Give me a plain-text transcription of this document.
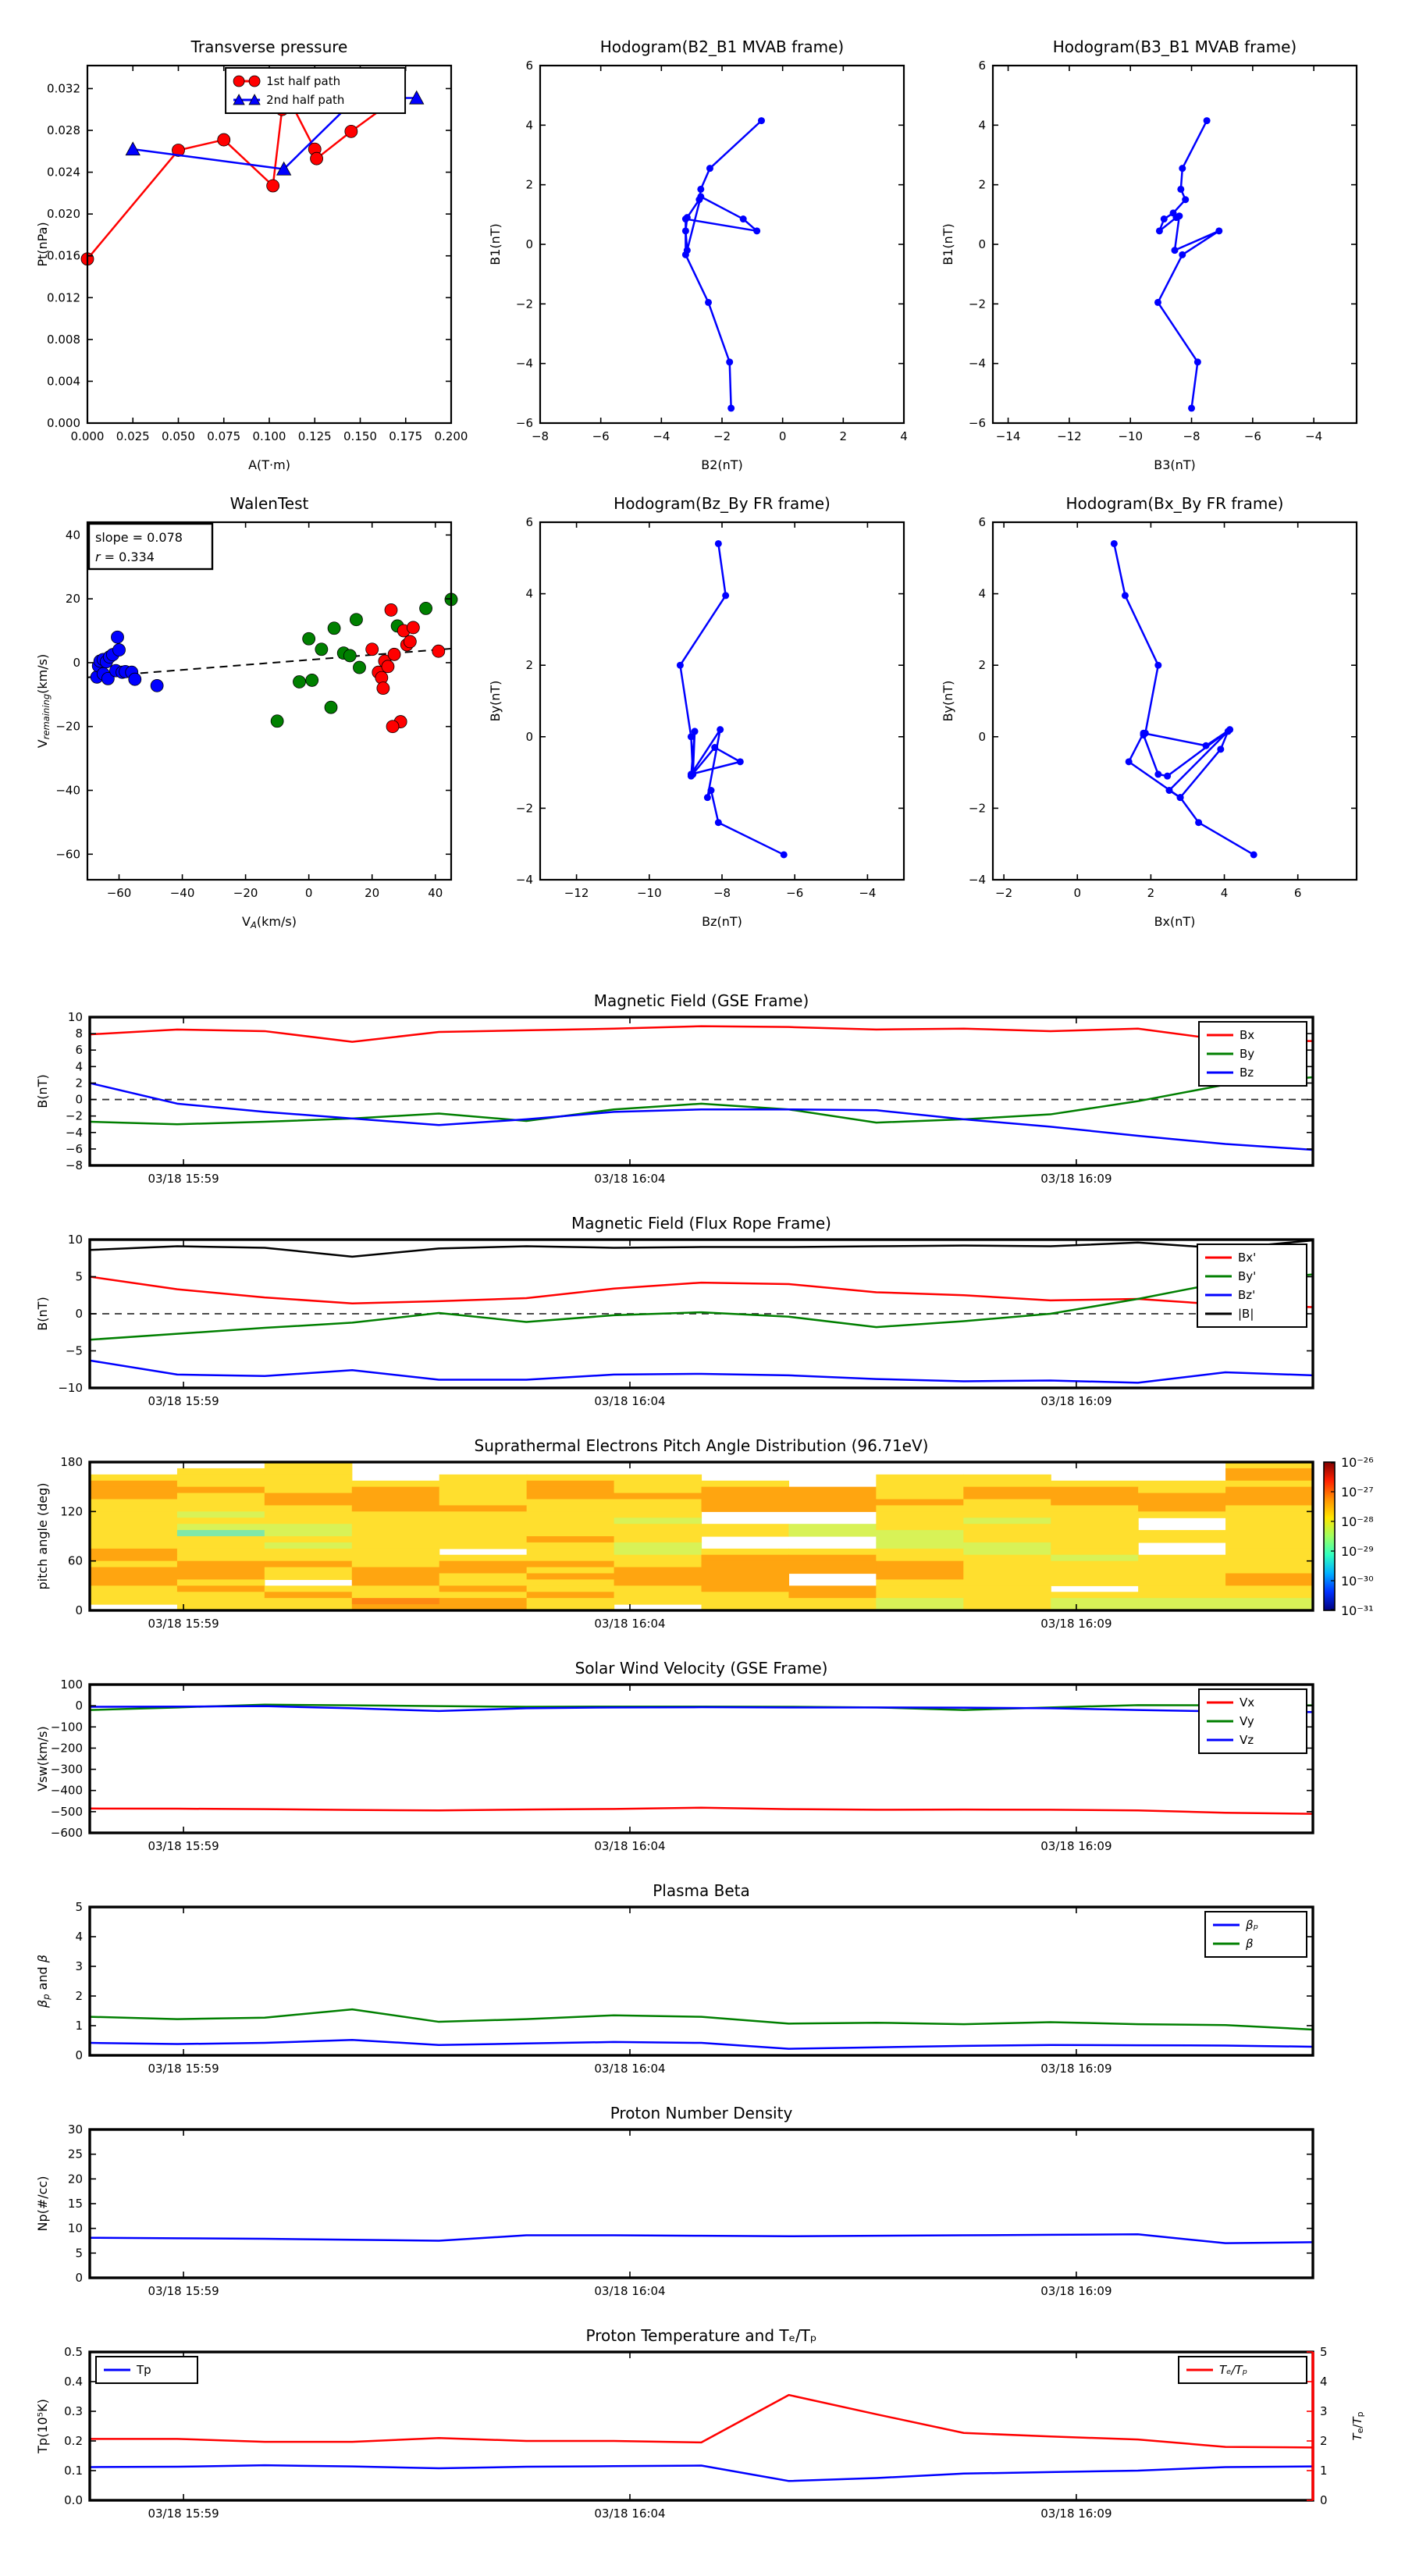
Transverse pressure
0.000 0.025 0.050 0.075 0.100 0.125 0.150 0.175 0.200
0.000
0.004
0.008
0.012
0.016
0.020
0.024
0.028
0.032
A(T·m)
Pt(nPa)
1st half path
2nd half path
Hodogram(B2_B1 MVAB frame)
−8	−6	−4	−2	0	2	4
−6
−4
−2
0
2
4
6
B2(nT)
B1(nT)
Hodogram(B3_B1 MVAB frame)
−14	−12	−10	−8	−6	−4
−6
−4
−2
0
2
4
6
B3(nT)
B1(nT)
WalenTest
−60	−40	−20	0	20	40
−60
−40
−20
0
20
40
VA(km/s)
Vremaining(km/s)
slope = 0.078
r = 0.334
Hodogram(Bz_By FR frame)
−12	−10	−8	−6	−4
−4
−2
0
2
4
6
Bz(nT)
By(nT)
Hodogram(Bx_By FR frame)
−2	0	2	4	6
−4
−2
0
2
4
6
Bx(nT)
By(nT)
Magnetic Field (GSE Frame)
03/18 15:59	03/18 16:04	03/18 16:09
−8
−6
−4
−2
0
2
4
6
8
10
B(nT)
Bx
By
Bz
Magnetic Field (Flux Rope Frame)
03/18 15:59	03/18 16:04	03/18 16:09
−10
−5
0
5
10
B(nT)
Bx'
By'
Bz'
|B|
Suprathermal Electrons Pitch Angle Distribution (96.71eV)
03/18 15:59	03/18 16:04	03/18 16:09
0
60
120
180
pitch angle (deg)
10⁻²⁶
10⁻²⁷
10⁻²⁸
10⁻²⁹
10⁻³⁰
10⁻³¹
Solar Wind Velocity (GSE Frame)
03/18 15:59	03/18 16:04	03/18 16:09
100
0
−100
−200
−300
−400
−500
−600
Vsw(km/s)
Vx
Vy
Vz
Plasma Beta
03/18 15:59	03/18 16:04	03/18 16:09
0
1
2
3
4
5
βp and β
βₚ
β
Proton Number Density
03/18 15:59	03/18 16:04	03/18 16:09
0
5
10
15
20
25
30
Np(#/cc)
Proton Temperature and Tₑ/Tₚ
03/18 15:59	03/18 16:04	03/18 16:09
0.0
0.1
0.2
0.3
0.4
0.5
0
1
2
3
4
5
Te/Tp
Tp(10⁵K)
Tp	Tₑ/Tₚ
